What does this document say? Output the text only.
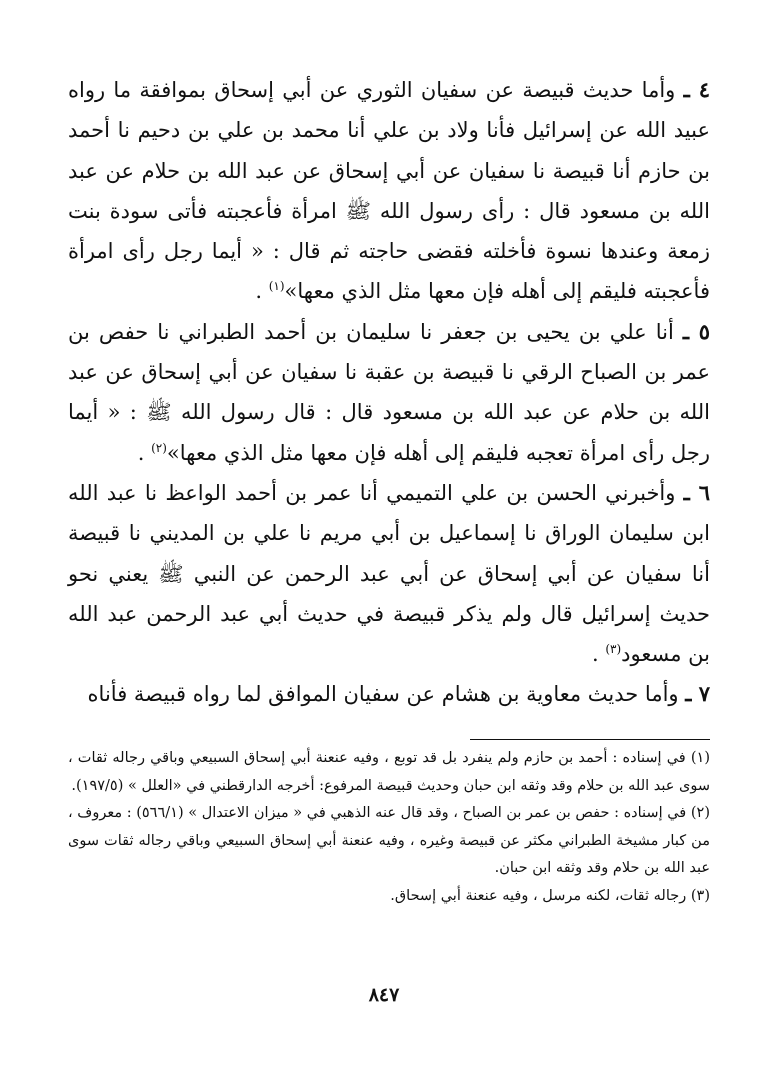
٤ ـ وأما حديث قبيصة عن سفيان الثوري عن أبي إسحاق بموافقة ما رواه عبيد الله عن إسرائيل فأنا ولاد بن علي أنا محمد بن علي بن دحيم نا أحمد بن حازم أنا قبيصة نا سفيان عن أبي إسحاق عن عبد الله بن حلام عن عبد الله بن مسعود قال : رأى رسول الله ﷺ امرأة فأعجبته فأتى سودة بنت زمعة وعندها نسوة فأخلته فقضى حاجته ثم قال : « أيما رجل رأى امرأة فأعجبته فليقم إلى أهله فإن معها مثل الذي معها»$^{(١)}$ .

٥ ـ أنا علي بن يحيى بن جعفر نا سليمان بن أحمد الطبراني نا حفص بن عمر بن الصباح الرقي نا قبيصة بن عقبة نا سفيان عن أبي إسحاق عن عبد الله بن حلام عن عبد الله بن مسعود قال : قال رسول الله ﷺ : « أيما رجل رأى امرأة تعجبه فليقم إلى أهله فإن معها مثل الذي معها»$^{(٢)}$ .

٦ ـ وأخبرني الحسن بن علي التميمي أنا عمر بن أحمد الواعظ نا عبد الله ابن سليمان الوراق نا إسماعيل بن أبي مريم نا علي بن المديني نا قبيصة أنا سفيان عن أبي إسحاق عن أبي عبد الرحمن عن النبي ﷺ يعني نحو حديث إسرائيل قال ولم يذكر قبيصة في حديث أبي عبد الرحمن عبد الله بن مسعود$^{(٣)}$ .

٧ ـ وأما حديث معاوية بن هشام عن سفيان الموافق لما رواه قبيصة فأناه

(١) في إسناده : أحمد بن حازم ولم ينفرد بل قد توبع ، وفيه عنعنة أبي إسحاق السبيعي وباقي رجاله ثقات ، سوى عبد الله بن حلام وقد وثقه ابن حبان وحديث قبيصة المرفوع: أخرجه الدارقطني في «العلل » (١٩٧/٥).

(٢) في إسناده : حفص بن عمر بن الصباح ، وقد قال عنه الذهبي في « ميزان الاعتدال » (٥٦٦/١) : معروف ، من كبار مشيخة الطبراني مكثر عن قبيصة وغيره ، وفيه عنعنة أبي إسحاق السبيعي وباقي رجاله ثقات سوى عبد الله بن حلام وقد وثقه ابن حبان.

(٣) رجاله ثقات، لكنه مرسل ، وفيه عنعنة أبي إسحاق.

٨٤٧
